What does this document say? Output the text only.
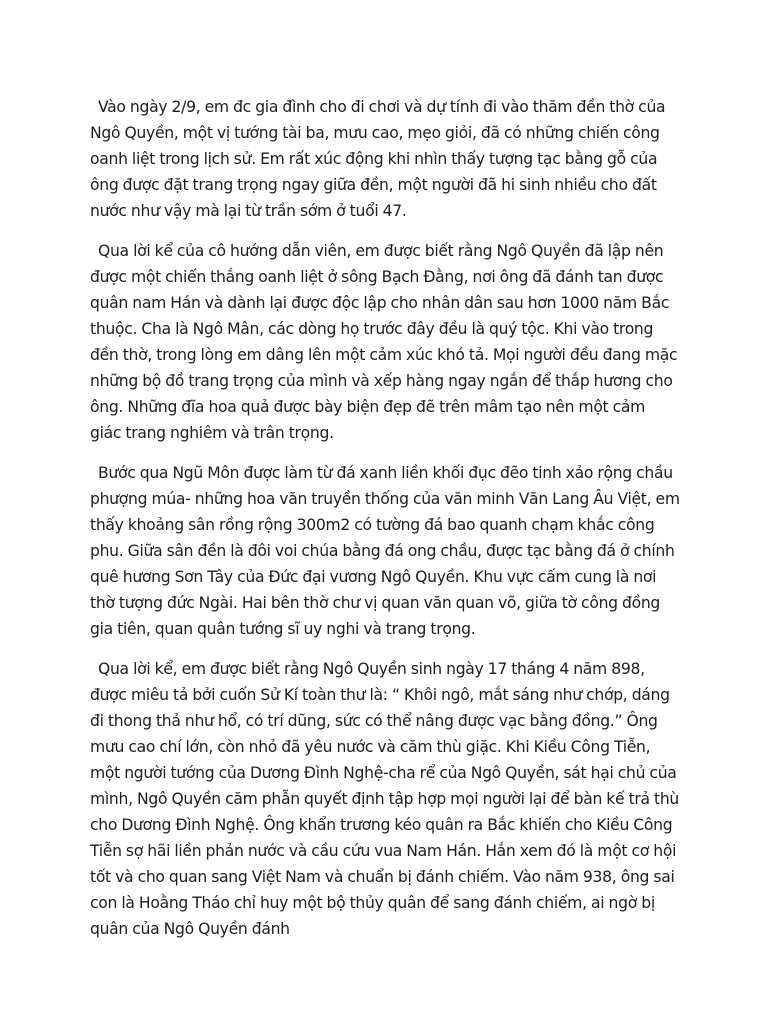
Vào ngày 2/9, em đc gia đình cho đi chơi và dự tính đi vào thăm đền thờ của Ngô Quyền, một vị tướng tài ba, mưu cao, mẹo giỏi, đã có những chiến công oanh liệt trong lịch sử. Em rất xúc động khi nhìn thấy tượng tạc bằng gỗ của ông được đặt trang trọng ngay giữa đền, một người đã hi sinh nhiều cho đất nước như vậy mà lại từ trần sớm ở tuổi 47.

Qua lời kể của cô hướng dẫn viên, em được biết rằng Ngô Quyền đã lập nên được một chiến thắng oanh liệt ở sông Bạch Đằng, nơi ông đã đánh tan được quân nam Hán và dành lại được độc lập cho nhân dân sau hơn 1000 năm Bắc thuộc. Cha là Ngô Mân, các dòng họ trước đây đều là quý tộc. Khi vào trong đền thờ, trong lòng em dâng lên một cảm xúc khó tả. Mọi người đều đang mặc những bộ đồ trang trọng của mình và xếp hàng ngay ngắn để thắp hương cho ông. Những đĩa hoa quả được bày biện đẹp đẽ trên mâm tạo nên một cảm giác trang nghiêm và trân trọng.

Bước qua Ngũ Môn được làm từ đá xanh liền khối đục đẽo tinh xảo rộng chầu phượng múa- những hoa văn truyền thống của văn minh Văn Lang Âu Việt, em thấy khoảng sân rồng rộng 300m2 có tường đá bao quanh chạm khắc công phu. Giữa sân đền là đôi voi chúa bằng đá ong chầu, được tạc bằng đá ở chính quê hương Sơn Tây của Đức đại vương Ngô Quyền. Khu vực cấm cung là nơi thờ tượng đức Ngài. Hai bên thờ chư vị quan văn quan võ, giữa tờ công đồng gia tiên, quan quân tướng sĩ uy nghi và trang trọng.

Qua lời kể, em được biết rằng Ngô Quyền sinh ngày 17 tháng 4 năm 898, được miêu tả bởi cuốn Sử Kí toàn thư là: “ Khôi ngô, mắt sáng như chớp, dáng đi thong thả như hổ, có trí dũng, sức có thể nâng được vạc bằng đồng.” Ông mưu cao chí lớn, còn nhỏ đã yêu nước và căm thù giặc. Khi Kiều Công Tiễn, một người tướng của Dương Đình Nghệ-cha rể của Ngô Quyền, sát hại chủ của mình, Ngô Quyền căm phẫn quyết định tập hợp mọi người lại để bàn kế trả thù cho Dương Đình Nghệ. Ông khẩn trương kéo quân ra Bắc khiến cho Kiều Công Tiễn sợ hãi liền phản nước và cầu cứu vua Nam Hán. Hắn xem đó là một cơ hội tốt và cho quan sang Việt Nam và chuẩn bị đánh chiếm. Vào năm 938, ông sai con là Hoằng Tháo chỉ huy một bộ thủy quân để sang đánh chiếm, ai ngờ bị quân của Ngô Quyền đánh
